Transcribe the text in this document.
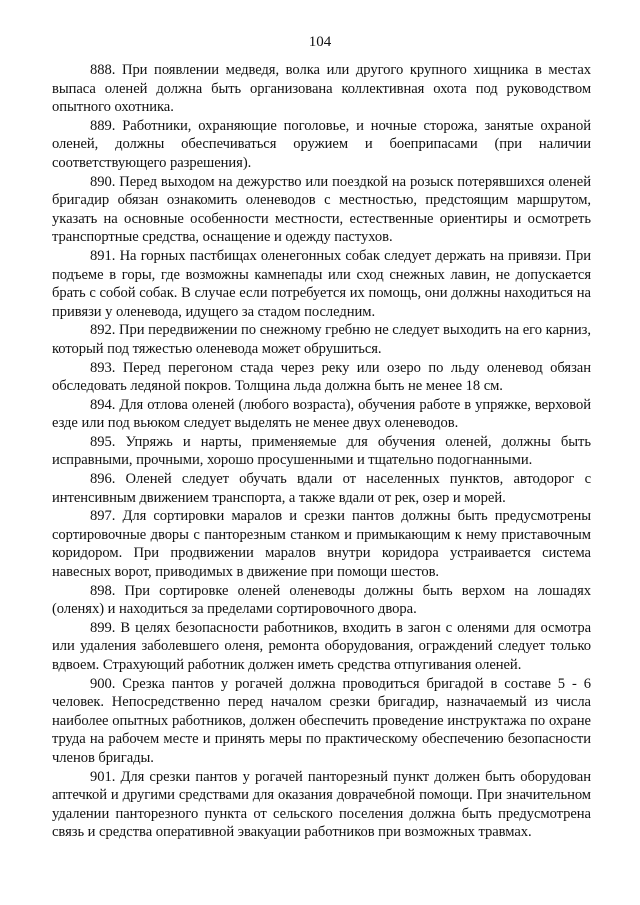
104

888. При появлении медведя, волка или другого крупного хищника в местах выпаса оленей должна быть организована коллективная охота под руководством опытного охотника.

889. Работники, охраняющие поголовье, и ночные сторожа, занятые охраной оленей, должны обеспечиваться оружием и боеприпасами (при наличии соответствующего разрешения).

890. Перед выходом на дежурство или поездкой на розыск потерявшихся оленей бригадир обязан ознакомить оленеводов с местностью, предстоящим маршрутом, указать на основные особенности местности, естественные ориентиры и осмотреть транспортные средства, оснащение и одежду пастухов.

891. На горных пастбищах оленегонных собак следует держать на привязи. При подъеме в горы, где возможны камнепады или сход снежных лавин, не допускается брать с собой собак. В случае если потребуется их помощь, они должны находиться на привязи у оленевода, идущего за стадом последним.

892. При передвижении по снежному гребню не следует выходить на его карниз, который под тяжестью оленевода может обрушиться.

893. Перед перегоном стада через реку или озеро по льду оленевод обязан обследовать ледяной покров. Толщина льда должна быть не менее 18 см.

894. Для отлова оленей (любого возраста), обучения работе в упряжке, верховой езде или под вьюком следует выделять не менее двух оленеводов.

895. Упряжь и нарты, применяемые для обучения оленей, должны быть исправными, прочными, хорошо просушенными и тщательно подогнанными.

896. Оленей следует обучать вдали от населенных пунктов, автодорог с интенсивным движением транспорта, а также вдали от рек, озер и морей.

897. Для сортировки маралов и срезки пантов должны быть предусмотрены сортировочные дворы с панторезным станком и примыкающим к нему приставочным коридором. При продвижении маралов внутри коридора устраивается система навесных ворот, приводимых в движение при помощи шестов.

898. При сортировке оленей оленеводы должны быть верхом на лошадях (оленях) и находиться за пределами сортировочного двора.

899. В целях безопасности работников, входить в загон с оленями для осмотра или удаления заболевшего оленя, ремонта оборудования, ограждений следует только вдвоем. Страхующий работник должен иметь средства отпугивания оленей.

900. Срезка пантов у рогачей должна проводиться бригадой в составе 5 - 6 человек. Непосредственно перед началом срезки бригадир, назначаемый из числа наиболее опытных работников, должен обеспечить проведение инструктажа по охране труда на рабочем месте и принять меры по практическому обеспечению безопасности членов бригады.

901. Для срезки пантов у рогачей панторезный пункт должен быть оборудован аптечкой и другими средствами для оказания доврачебной помощи. При значительном удалении панторезного пункта от сельского поселения должна быть предусмотрена связь и средства оперативной эвакуации работников при возможных травмах.
